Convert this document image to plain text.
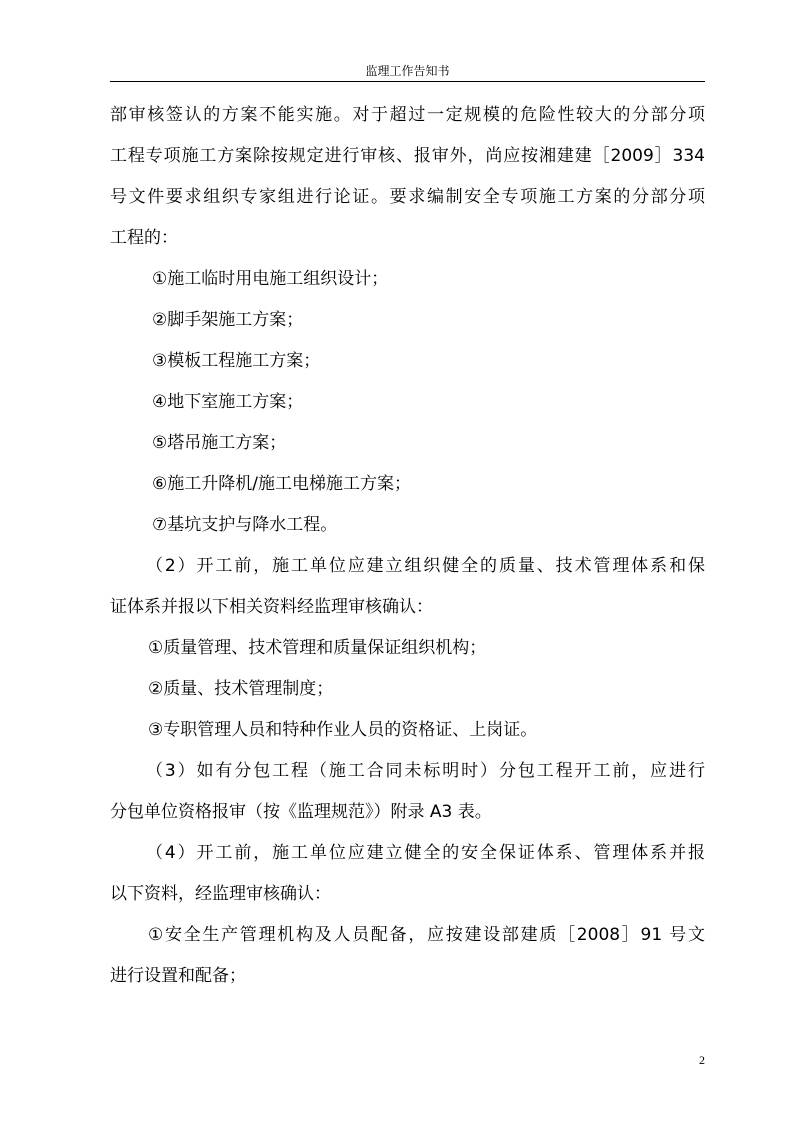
监理工作告知书
部审核签认的方案不能实施。对于超过一定规模的危险性较大的分部分项
工程专项施工方案除按规定进行审核、报审外，尚应按湘建建［2009］334
号文件要求组织专家组进行论证。要求编制安全专项施工方案的分部分项
工程的：
①施工临时用电施工组织设计；
②脚手架施工方案；
③模板工程施工方案；
④地下室施工方案；
⑤塔吊施工方案；
⑥施工升降机/施工电梯施工方案；
⑦基坑支护与降水工程。
（2）开工前，施工单位应建立组织健全的质量、技术管理体系和保
证体系并报以下相关资料经监理审核确认：
①质量管理、技术管理和质量保证组织机构；
②质量、技术管理制度；
③专职管理人员和特种作业人员的资格证、上岗证。
（3）如有分包工程（施工合同未标明时）分包工程开工前，应进行
分包单位资格报审（按《监理规范》）附录 A3 表。
（4）开工前，施工单位应建立健全的安全保证体系、管理体系并报
以下资料，经监理审核确认：
①安全生产管理机构及人员配备，应按建设部建质［2008］91 号文
进行设置和配备；
2
